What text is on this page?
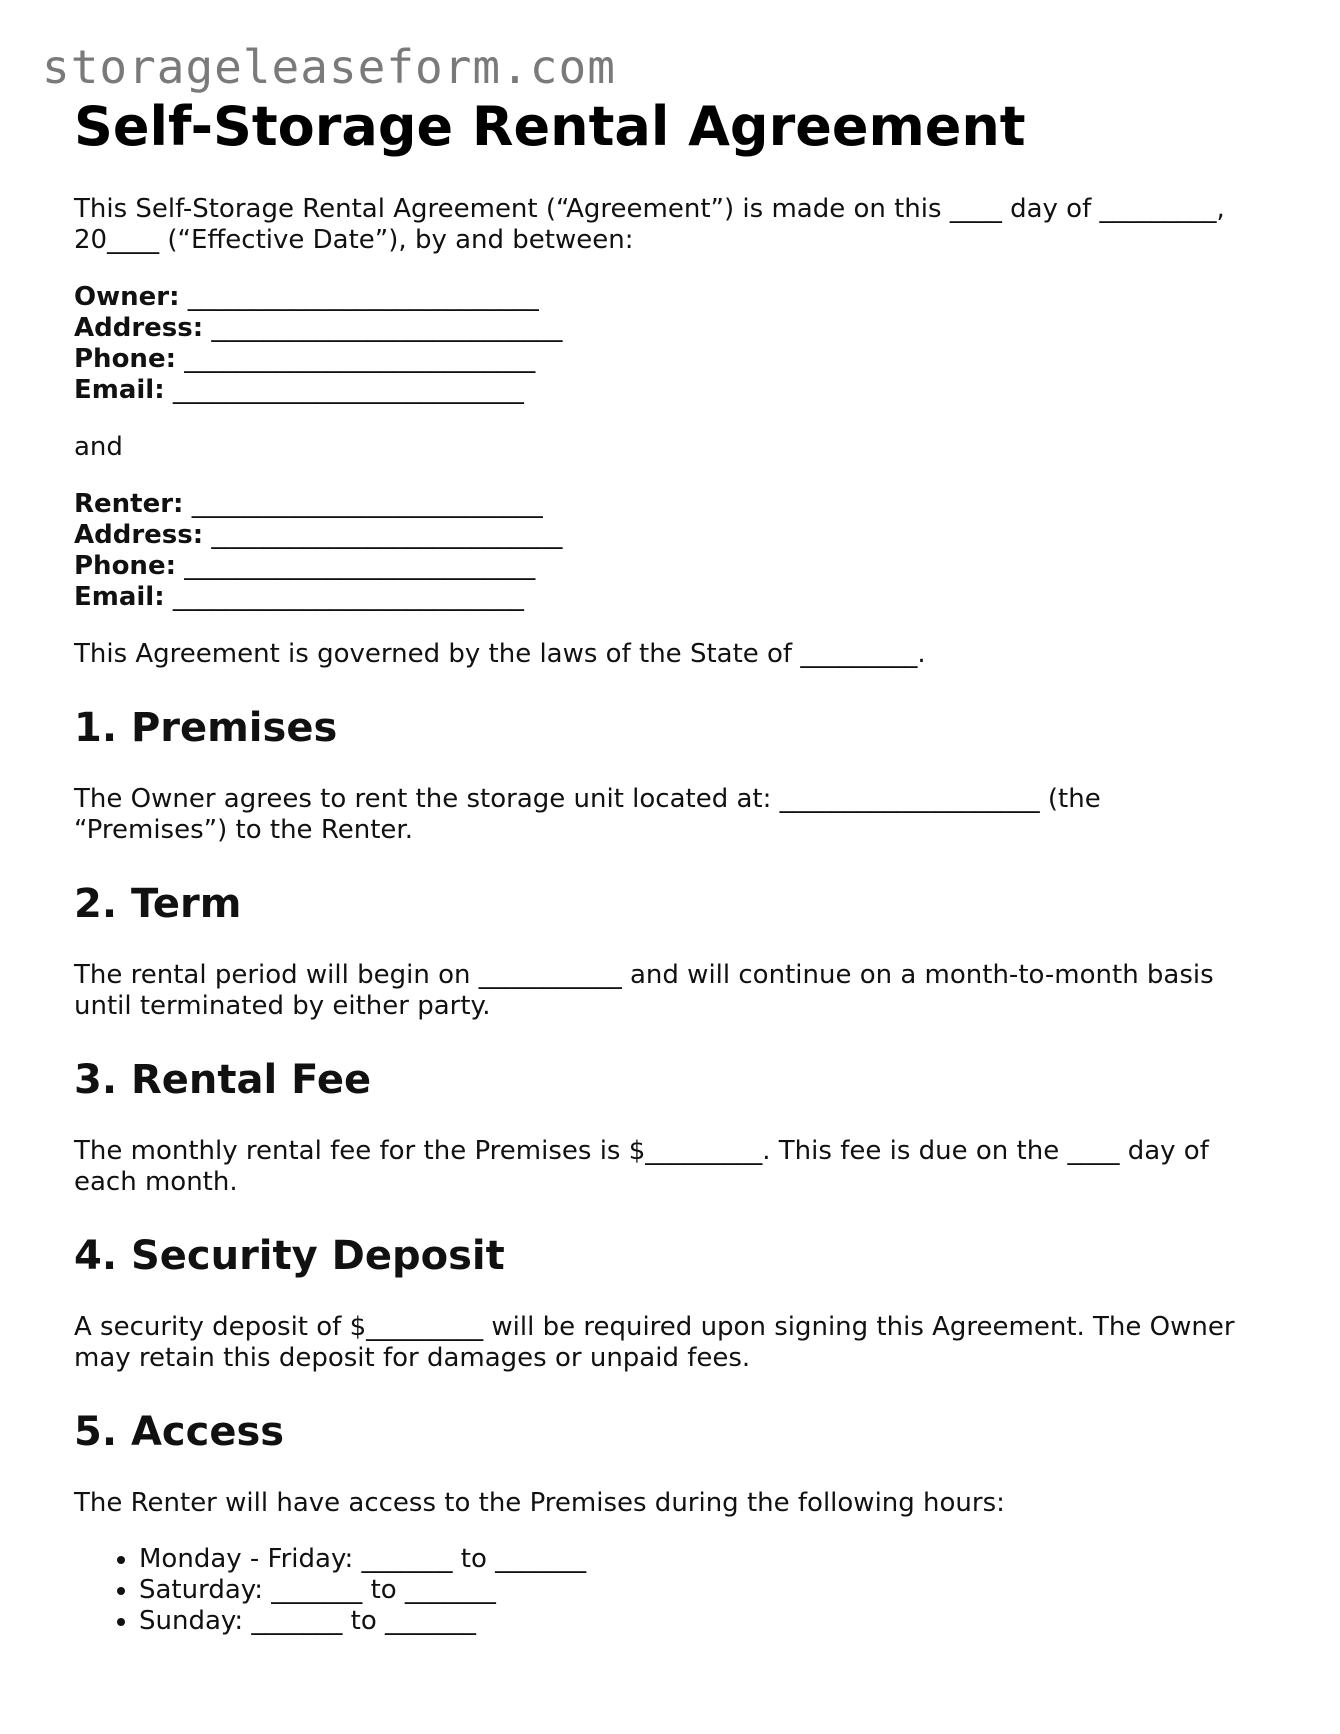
storageleaseform.com
Self-Storage Rental Agreement

This Self-Storage Rental Agreement (“Agreement”) is made on this ____ day of _________,
20____ (“Effective Date”), by and between:

Owner: ___________________________
Address: ___________________________
Phone: ___________________________
Email: ___________________________

and

Renter: ___________________________
Address: ___________________________
Phone: ___________________________
Email: ___________________________

This Agreement is governed by the laws of the State of _________.

1. Premises

The Owner agrees to rent the storage unit located at: ____________________ (the
“Premises”) to the Renter.

2. Term

The rental period will begin on ___________ and will continue on a month-to-month basis
until terminated by either party.

3. Rental Fee

The monthly rental fee for the Premises is $_________. This fee is due on the ____ day of
each month.

4. Security Deposit

A security deposit of $_________ will be required upon signing this Agreement. The Owner
may retain this deposit for damages or unpaid fees.

5. Access

The Renter will have access to the Premises during the following hours:

• Monday - Friday: _______ to _______
• Saturday: _______ to _______
• Sunday: _______ to _______
